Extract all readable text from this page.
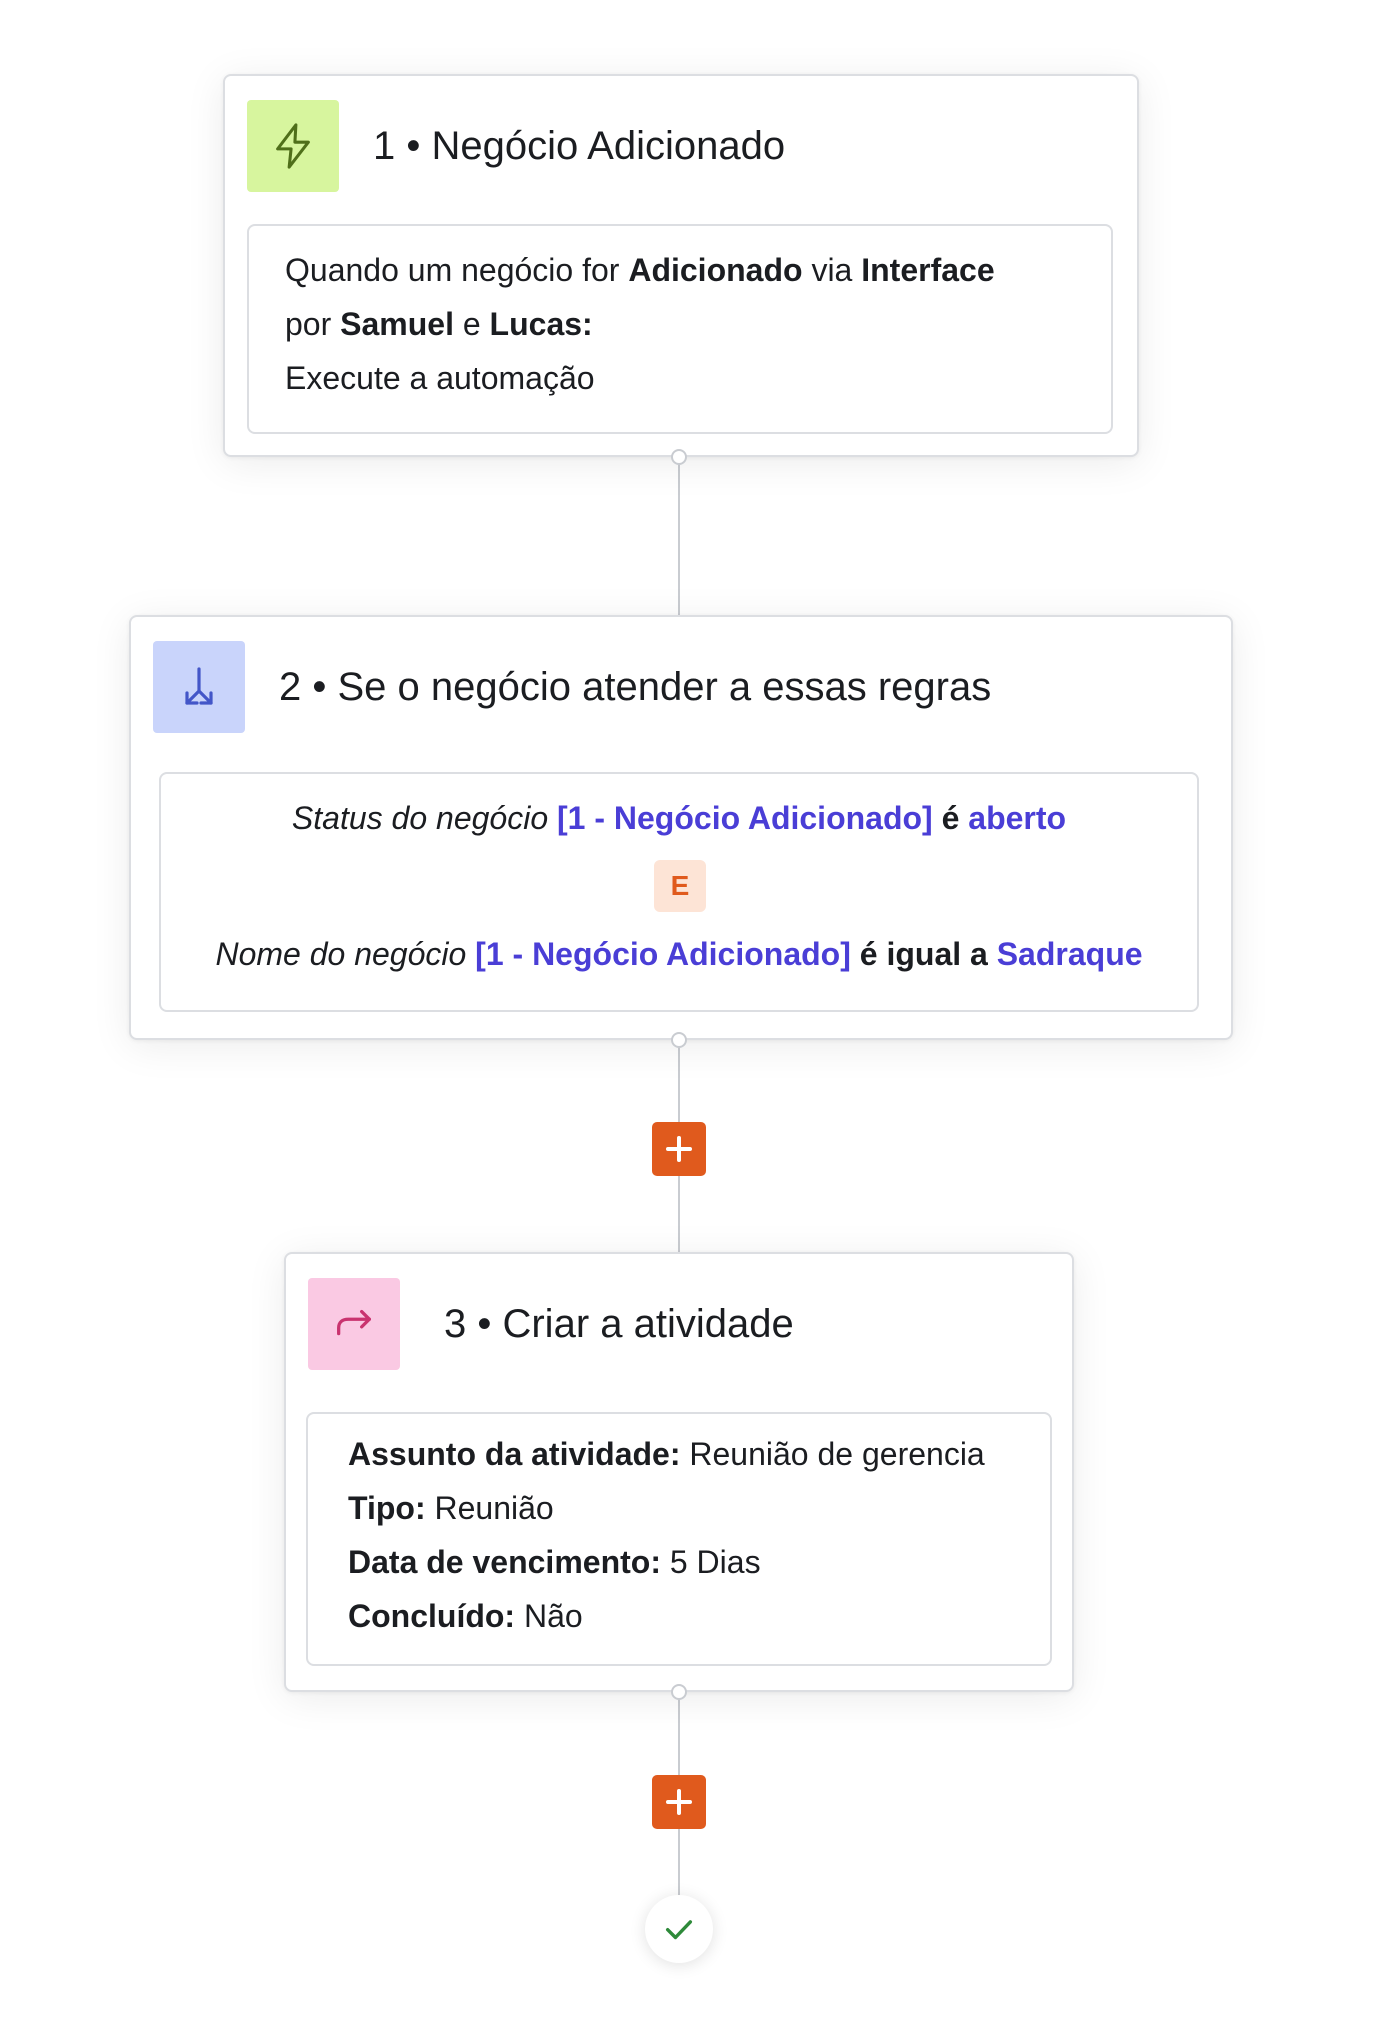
1 • Negócio Adicionado
Quando um negócio for Adicionado via Interface
por Samuel e Lucas:
Execute a automação
2 • Se o negócio atender a essas regras
Status do negócio [1 - Negócio Adicionado] é aberto
E
Nome do negócio [1 - Negócio Adicionado] é igual a Sadraque
3 • Criar a atividade
Assunto da atividade: Reunião de gerencia
Tipo: Reunião
Data de vencimento: 5 Dias
Concluído: Não
